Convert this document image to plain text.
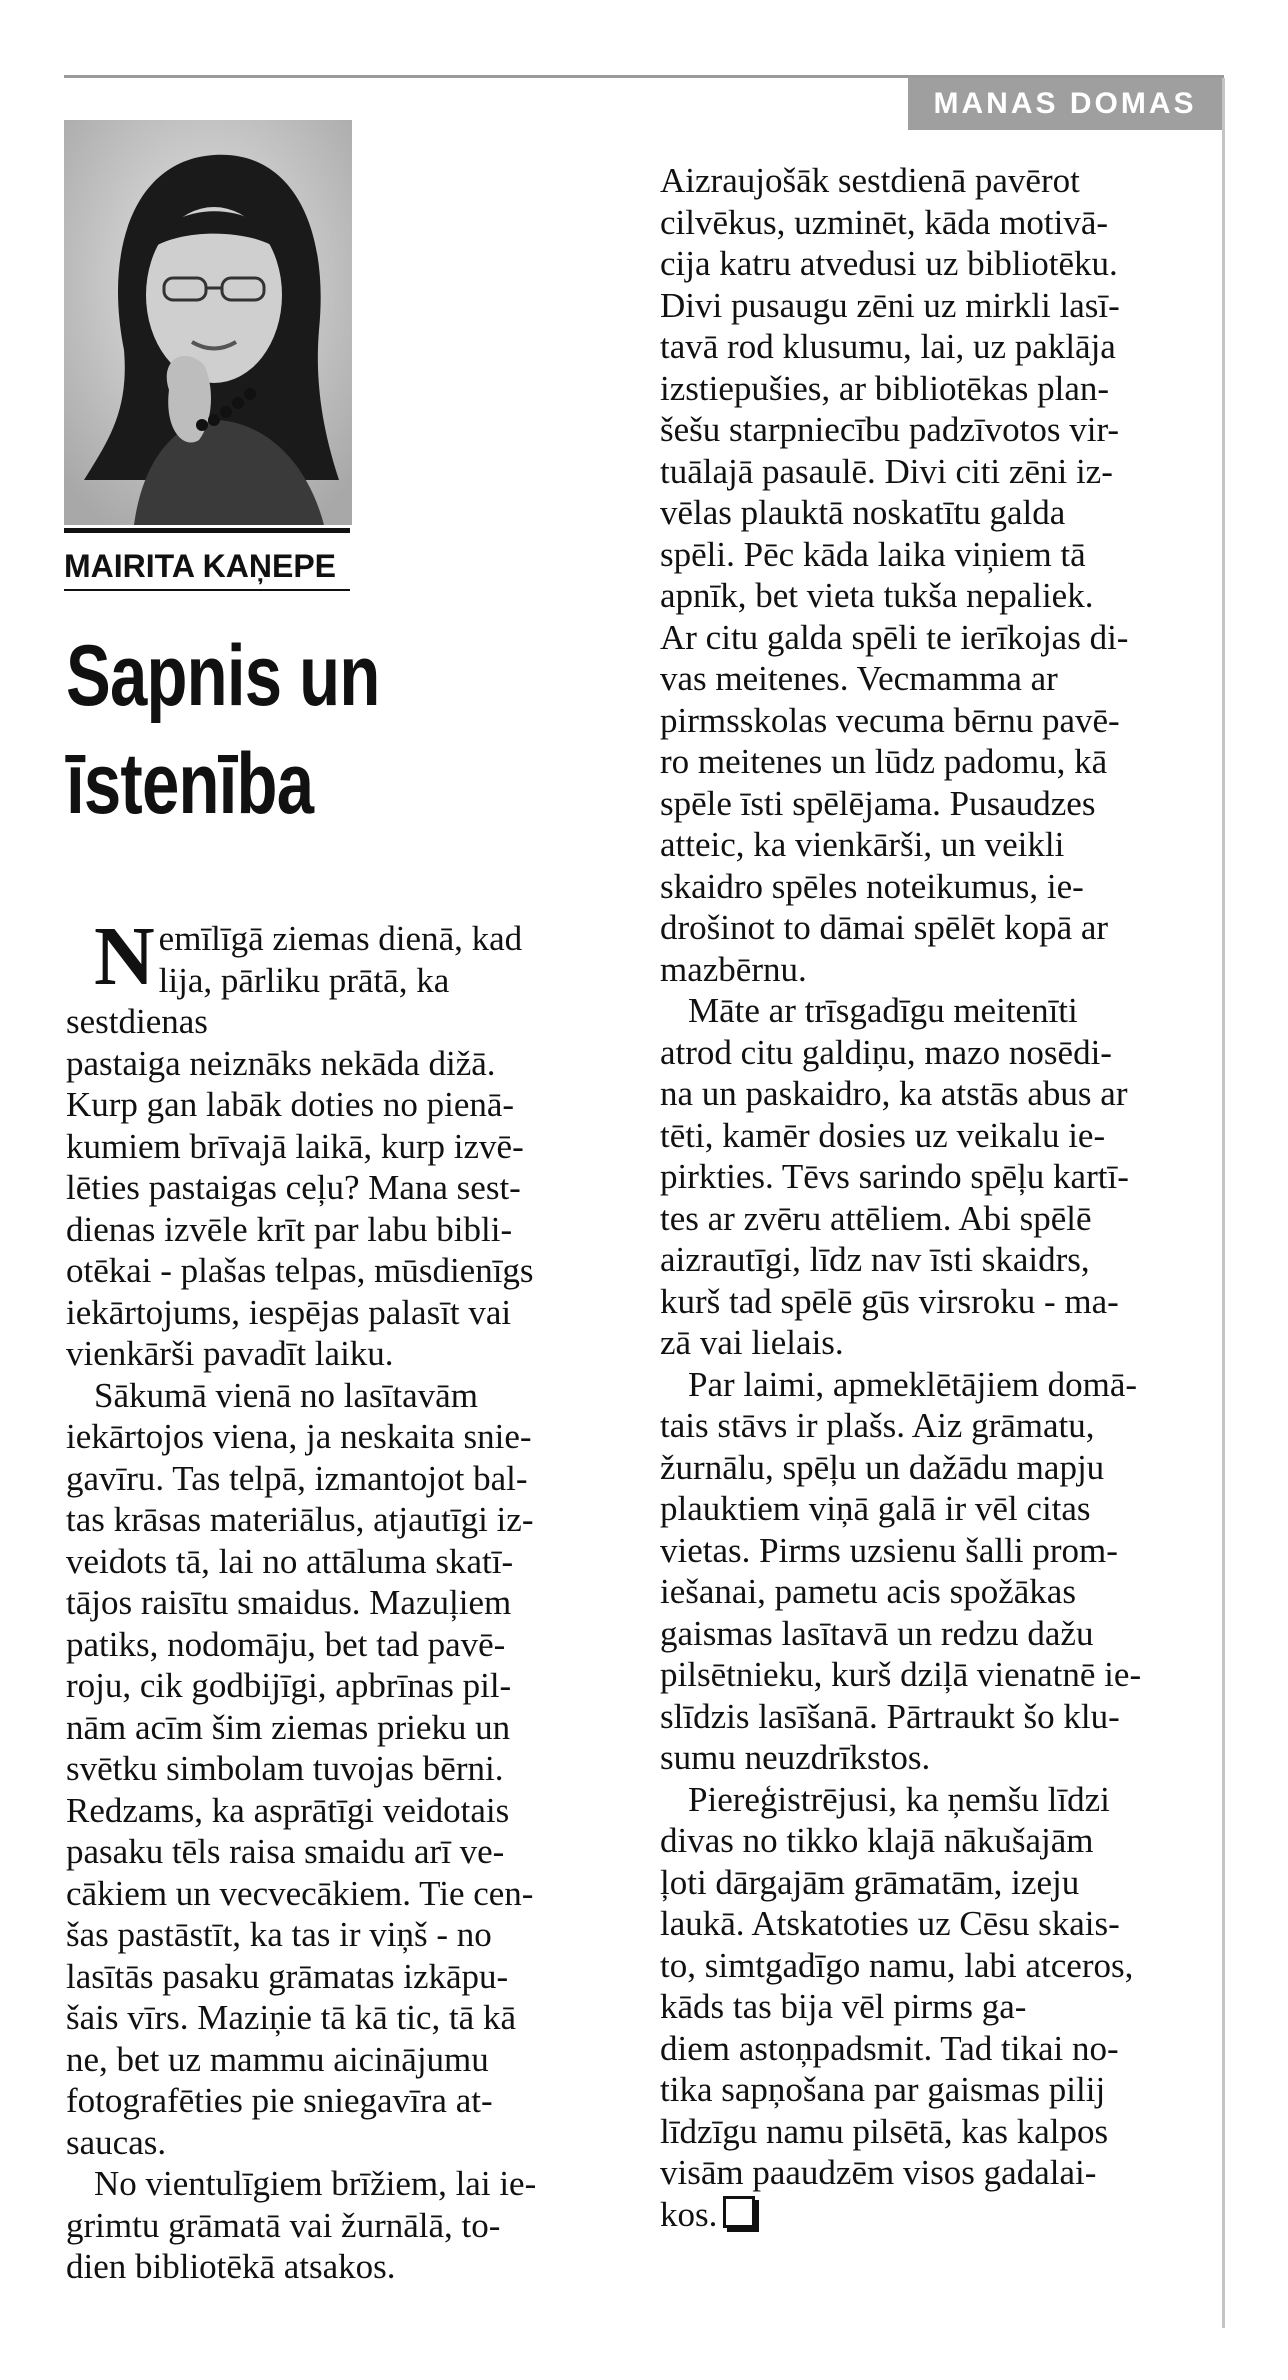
MANAS DOMAS
MAIRITA KAŅEPE
Sapnis un
īstenība
N emīlīgā ziemas dienā, kad

lija, pārliku prātā, ka sestdienas

pastaiga neiznāks nekāda dižā.

Kurp gan labāk doties no pienā-

kumiem brīvajā laikā, kurp izvē-

lēties pastaigas ceļu? Mana sest-

dienas izvēle krīt par labu bibli-

otēkai - plašas telpas, mūsdienīgs

iekārtojums, iespējas palasīt vai

vienkārši pavadīt laiku.

Sākumā vienā no lasītavām

iekārtojos viena, ja neskaita snie-

gavīru. Tas telpā, izmantojot bal-

tas krāsas materiālus, atjautīgi iz-

veidots tā, lai no attāluma skatī-

tājos raisītu smaidus. Mazuļiem

patiks, nodomāju, bet tad pavē-

roju, cik godbijīgi, apbrīnas pil-

nām acīm šim ziemas prieku un

svētku simbolam tuvojas bērni.

Redzams, ka asprātīgi veidotais

pasaku tēls raisa smaidu arī ve-

cākiem un vecvecākiem. Tie cen-

šas pastāstīt, ka tas ir viņš - no

lasītās pasaku grāmatas izkāpu-

šais vīrs. Maziņie tā kā tic, tā kā

ne, bet uz mammu aicinājumu

fotografēties pie sniegavīra at-

saucas.

No vientulīgiem brīžiem, lai ie-

grimtu grāmatā vai žurnālā, to-

dien bibliotēkā atsakos.

Aizraujošāk sestdienā pavērot

cilvēkus, uzminēt, kāda motivā-

cija katru atvedusi uz bibliotēku.

Divi pusaugu zēni uz mirkli lasī-

tavā rod klusumu, lai, uz paklāja

izstiepušies, ar bibliotēkas plan-

šešu starpniecību padzīvotos vir-

tuālajā pasaulē. Divi citi zēni iz-

vēlas plauktā noskatītu galda

spēli. Pēc kāda laika viņiem tā

apnīk, bet vieta tukša nepaliek.

Ar citu galda spēli te ierīkojas di-

vas meitenes. Vecmamma ar

pirmsskolas vecuma bērnu pavē-

ro meitenes un lūdz padomu, kā

spēle īsti spēlējama. Pusaudzes

atteic, ka vienkārši, un veikli

skaidro spēles noteikumus, ie-

drošinot to dāmai spēlēt kopā ar

mazbērnu.

Māte ar trīsgadīgu meitenīti

atrod citu galdiņu, mazo nosēdi-

na un paskaidro, ka atstās abus ar

tēti, kamēr dosies uz veikalu ie-

pirkties. Tēvs sarindo spēļu kartī-

tes ar zvēru attēliem. Abi spēlē

aizrautīgi, līdz nav īsti skaidrs,

kurš tad spēlē gūs virsroku - ma-

zā vai lielais.

Par laimi, apmeklētājiem domā-

tais stāvs ir plašs. Aiz grāmatu,

žurnālu, spēļu un dažādu mapju

plauktiem viņā galā ir vēl citas

vietas. Pirms uzsienu šalli prom-

iešanai, pametu acis spožākas

gaismas lasītavā un redzu dažu

pilsētnieku, kurš dziļā vienatnē ie-

slīdzis lasīšanā. Pārtraukt šo klu-

sumu neuzdrīkstos.

Piereģistrējusi, ka ņemšu līdzi

divas no tikko klajā nākušajām

ļoti dārgajām grāmatām, izeju

laukā. Atskatoties uz Cēsu skais-

to, simtgadīgo namu, labi atceros,

kāds tas bija vēl pirms ga-

diem astoņpadsmit. Tad tikai no-

tika sapņošana par gaismas pilij

līdzīgu namu pilsētā, kas kalpos

visām paaudzēm visos gadalai-

kos.
